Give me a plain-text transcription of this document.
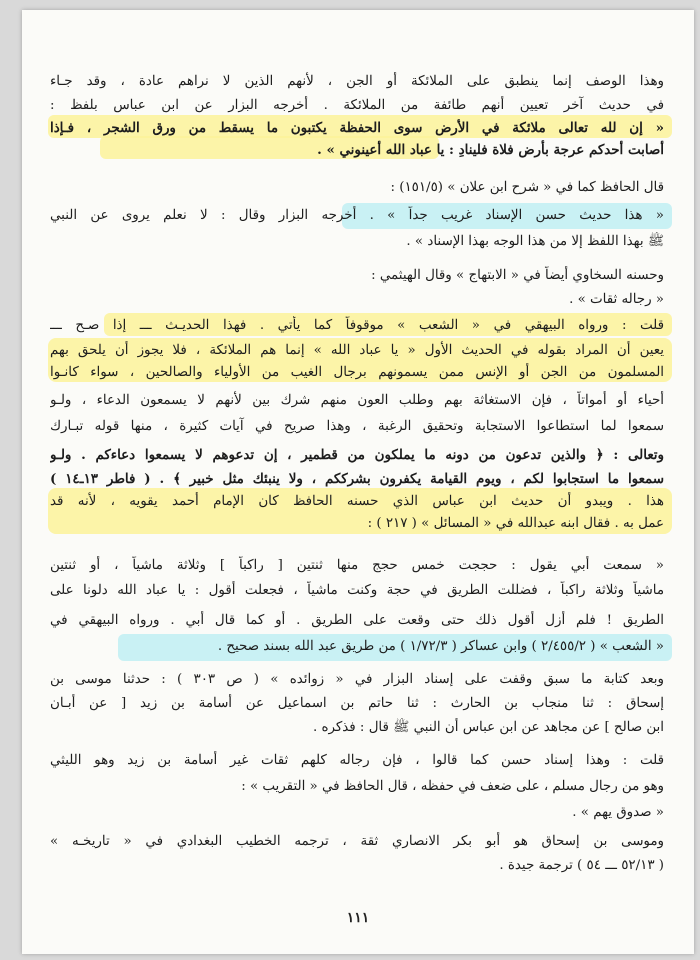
وهذا الوصف إنما ينطبق على الملائكة أو الجن ، لأنهم الذين لا نراهم عادة ، وقد جـاء
في حديث آخر تعيين أنهم طائفة من الملائكة . أخرجه البزار عن ابن عباس بلفظ :
« إن لله تعالى ملائكة في الأرض سوى الحفظة يكتبون ما يسقط من ورق الشجر ، فـإذا
أصابت أحدكم عرجة بأرض فلاة فلينادِ : يا عباد الله أعينوني » .
قال الحافظ كما في « شرح ابن علان » (١٥١/٥) :
« هذا حديث حسن الإسناد غريب جداً » . أخرجه البزار وقال : لا نعلم يروى عن النبي
ﷺ بهذا اللفظ إلا من هذا الوجه بهذا الإسناد » .
وحسنه السخاوي أيضاً في « الابتهاج » وقال الهيثمي :
« رجاله ثقات » .
قلت : ورواه البيهقي في « الشعب » موقوفاً كما يأتي . فهذا الحديـث ـــ إذا صـح ـــ
يعين أن المراد بقوله في الحديث الأول « يا عباد الله » إنما هم الملائكة ، فلا يجوز أن يلحق بهم
المسلمون من الجن أو الإنس ممن يسمونهم برجال الغيب من الأولياء والصالحين ، سواء كانـوا
أحياء أو أمواتاً ، فإن الاستغاثة بهم وطلب العون منهم شرك بين لأنهم لا يسمعون الدعاء ، ولـو
سمعوا لما استطاعوا الاستجابة وتحقيق الرغبة ، وهذا صريح في آيات كثيرة ، منها قوله تبـارك
وتعالى : ﴿ والذين تدعون من دونه ما يملكون من قطمير ، إن تدعوهم لا يسمعوا دعاءكم . ولـو
سمعوا ما استجابوا لكم ، ويوم القيامة يكفرون بشرككم ، ولا ينبئك مثل خبير ﴾ . ( فاطر ١٣ـ١٤ )
هذا . ويبدو أن حديث ابن عباس الذي حسنه الحافظ كان الإمام أحمد يقويه ، لأنه قد
عمل به . فقال ابنه عبدالله في « المسائل » ( ٢١٧ ) :
« سمعت أبي يقول : حججت خمس حجج منها ثنتين [ راكباً ] وثلاثة ماشياً ، أو ثنتين
ماشياً وثلاثة راكباً ، فضللت الطريق في حجة وكنت ماشياً ، فجعلت أقول : يا عباد الله دلونا على
الطريق ! فلم أزل أقول ذلك حتى وقعت على الطريق . أو كما قال أبي . ورواه البيهقي في
« الشعب » ( ٢/٤٥٥/٢ ) وابن عساكر ( ١/٧٢/٣ ) من طريق عبد الله بسند صحيح .
وبعد كتابة ما سبق وقفت على إسناد البزار في « زوائده » ( ص ٣٠٣ ) : حدثنا موسى بن
إسحاق : ثنا منجاب بن الحارث : ثنا حاتم بن اسماعيل عن أسامة بن زيد [ عن أبـان
ابن صالح ] عن مجاهد عن ابن عباس أن النبي ﷺ قال : فذكره .
قلت : وهذا إسناد حسن كما قالوا ، فإن رجاله كلهم ثقات غير أسامة بن زيد وهو الليثي
وهو من رجال مسلم ، على ضعف في حفظه ، قال الحافظ في « التقريب » :
« صدوق يهم » .
وموسى بن إسحاق هو أبو بكر الانصاري ثقة ، ترجمه الخطيب البغدادي في « تاريخـه »
( ٥٢/١٣ ـــ ٥٤ ) ترجمة جيدة .
١١١
